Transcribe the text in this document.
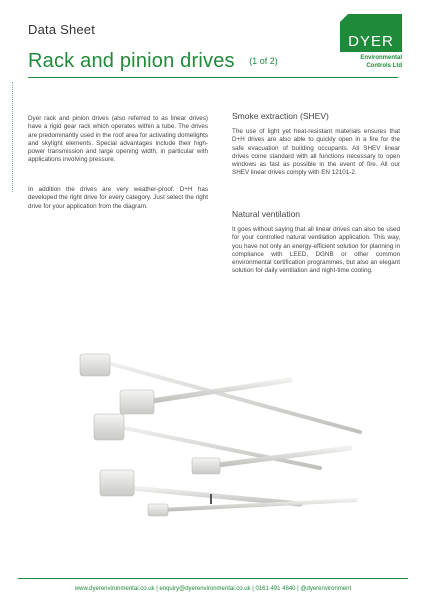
Data Sheet
Rack and pinion drives (1 of 2)
DYER
Environmental
Controls Ltd
Dyer rack and pinion drives (also referred to as linear drives) have a rigid gear rack which operates within a tube. The drives are predominantly used in the roof area for activating domelights and skylight elements. Special advantages include their high-power transmission and large opening width, in particular with applications involving pressure.
In addition the drives are very weather-proof. D+H has developed the right drive for every category. Just select the right drive for your application from the diagram.
Smoke extraction (SHEV)
The use of light yet heat-resistant materials ensures that D+H drives are also able to quickly open in a fire for the safe evacuation of building occupants. All SHEV linear drives come standard with all functions necessary to open windows as fast as possible in the event of fire. All our SHEV linear drives comply with EN 12101-2.
Natural ventilation
It goes without saying that all linear drives can also be used for your controlled natural ventilation application. This way, you have not only an energy-efficient solution for planning in compliance with LEED, DGNB or other common environmental certification programmes, but also an elegant solution for daily ventilation and night-time cooling.
www.dyerenvironmental.co.uk | enquiry@dyerenvironmental.co.uk | 0161 491 4840 | @dyerenvironment
